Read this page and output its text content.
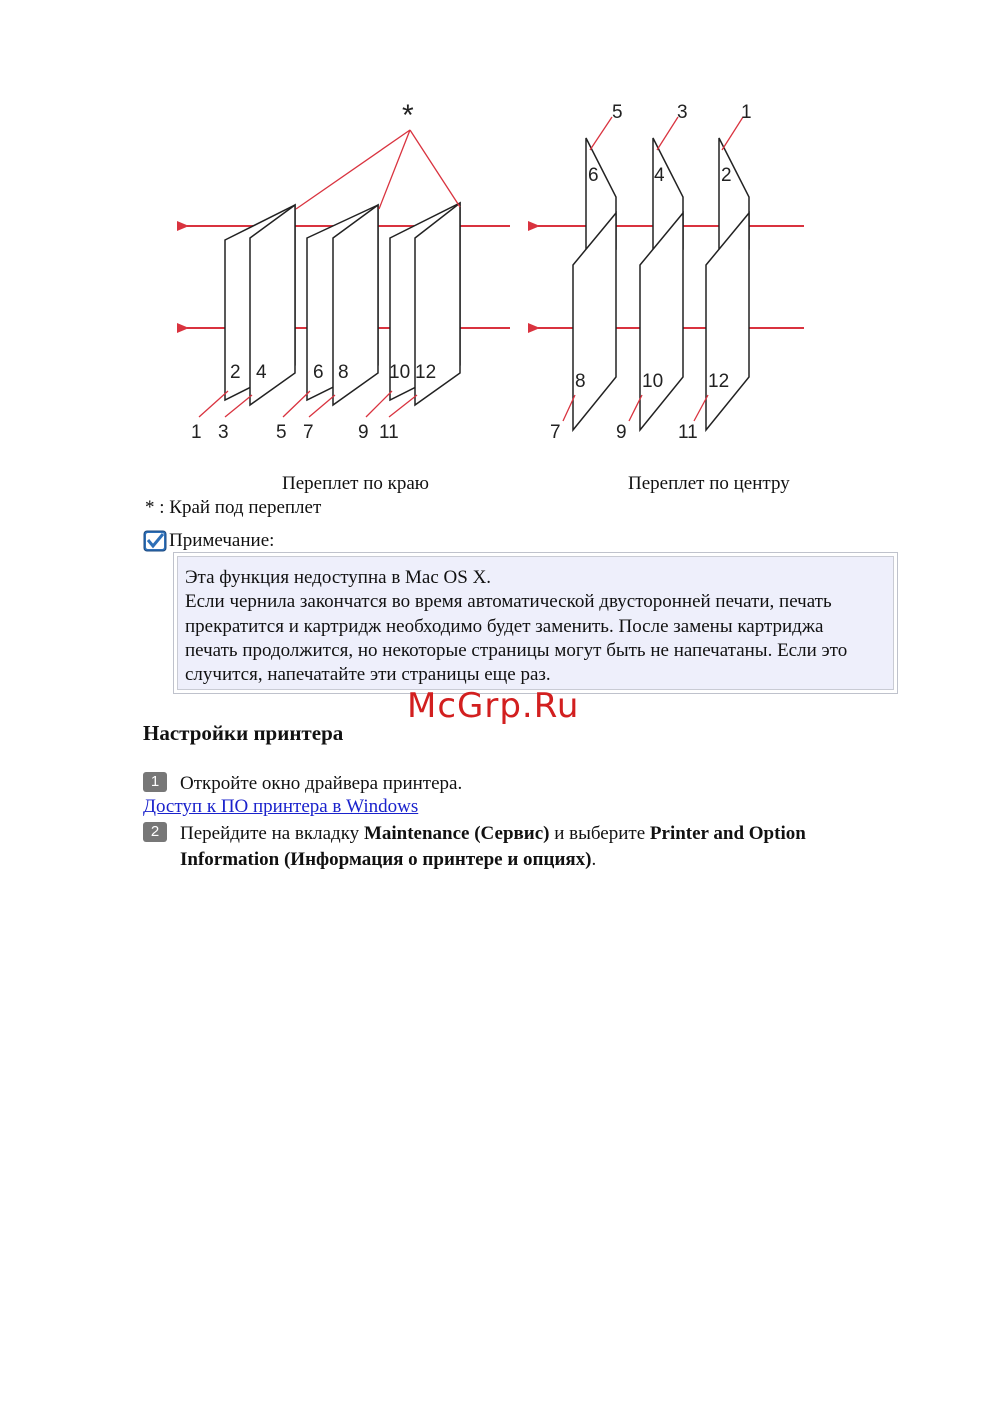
*
2 4 6 8 10 12
1 3 5 7 9 11
6	4	2
5	3	1
8	10 12
7	9	11
Переплет по краю	Переплет по центру
* : Край под переплет
Примечание:
Эта функция недоступна в Mac OS X.
Если чернила закончатся во время автоматической двусторонней печати, печать
прекратится и картридж необходимо будет заменить. После замены картриджа
печать продолжится, но некоторые страницы могут быть не напечатаны. Если это
случится, напечатайте эти страницы еще раз.
McGrp.Ru
Настройки принтера
1	Откройте окно драйвера принтера.
Доступ к ПО принтера в Windows
2	Перейдите на вкладку Maintenance (Сервис) и выберите Printer and Option Information (Информация о принтере и опциях).
